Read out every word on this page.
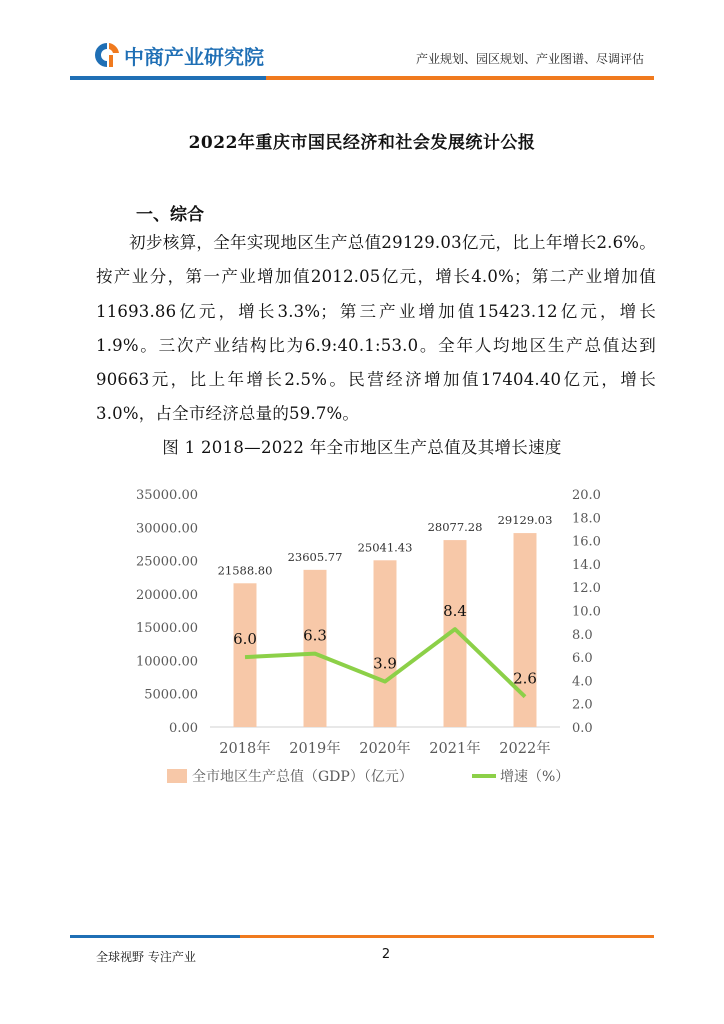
中商产业研究院	产业规划、园区规划、产业图谱、尽调评估
2022年重庆市国民经济和社会发展统计公报
一、综合
初步核算，全年实现地区生产总值29129.03亿元，比上年增长2.6%。按产业分，第一产业增加值2012.05亿元，增长4.0%；第二产业增加值11693.86亿元，增长3.3%；第三产业增加值15423.12亿元，增长1.9%。三次产业结构比为6.9:40.1:53.0。全年人均地区生产总值达到90663元，比上年增长2.5%。民营经济增加值17404.40亿元，增长3.0%，占全市经济总量的59.7%。
图 1 2018—2022 年全市地区生产总值及其增长速度
0.00
5000.00
10000.00
15000.00
20000.00
25000.00
30000.00
35000.00
0.0
2.0
4.0
6.0
8.0
10.0
12.0
14.0
16.0
18.0
20.0
21588.80
23605.77
25041.43
28077.28
29129.03
6.0	6.3
3.9
8.4
2.6
2018年 2019年 2020年 2021年 2022年
全市地区生产总值（GDP）（亿元）	增速（%）
全球视野 专注产业	2
